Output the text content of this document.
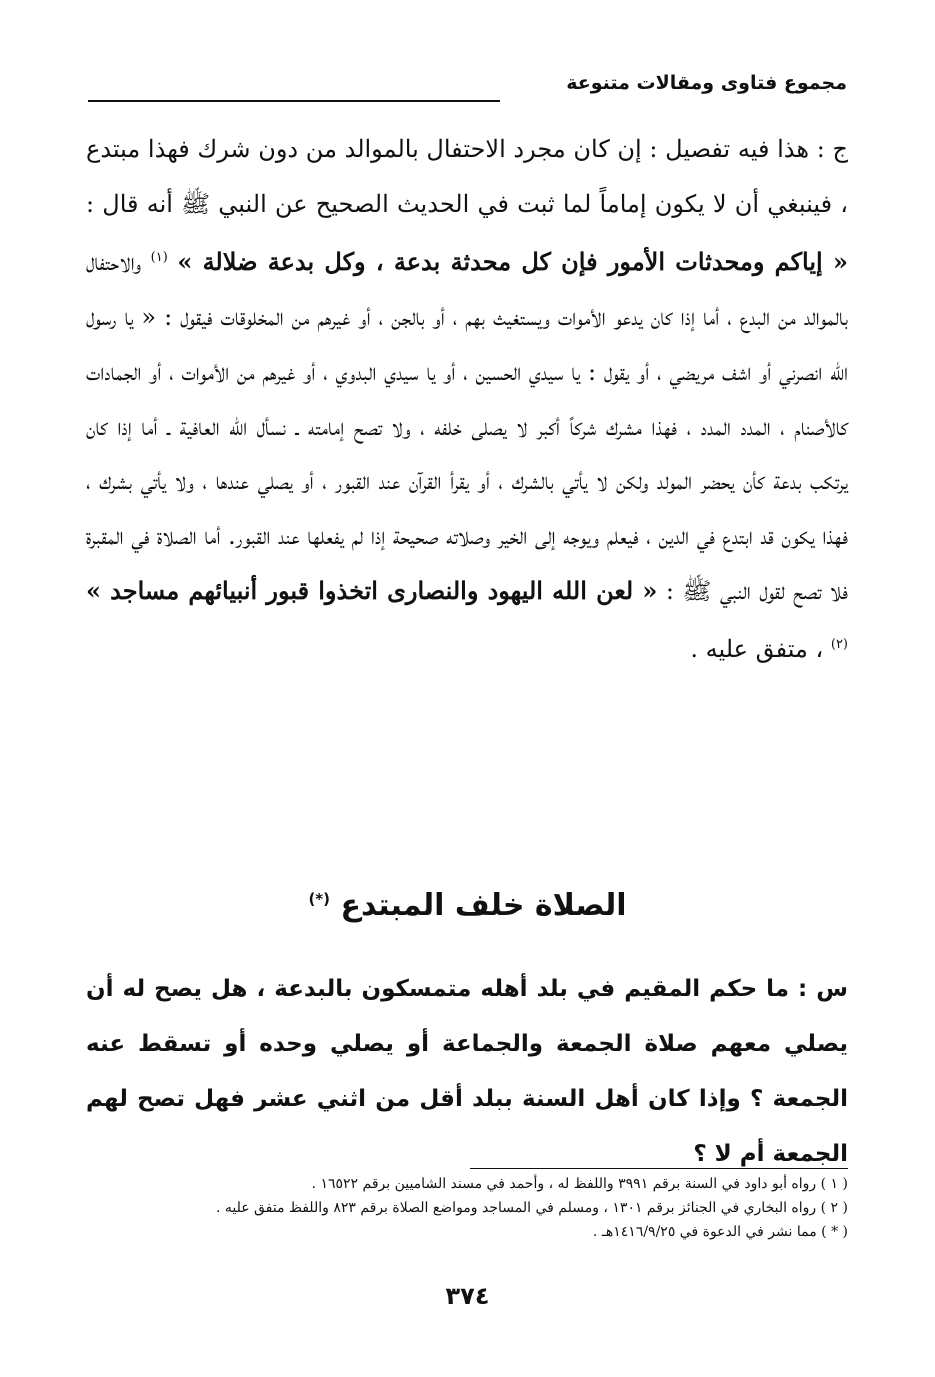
مجموع فتاوى ومقالات متنوعة

ج : هذا فيه تفصيل : إن كان مجرد الاحتفال بالموالد من دون شرك فهذا مبتدع ، فينبغي أن لا يكون إماماً لما ثبت في الحديث الصحيح عن النبي ﷺ أنه قال : « إياكم ومحدثات الأمور فإن كل محدثة بدعة ، وكل بدعة ضلالة » $^{(١)}$ والاحتفال بالموالد من البدع ، أما إذا كان يدعو الأموات ويستغيث بهم ، أو بالجن ، أو غيرهم من المخلوقات فيقول : « يا رسول الله انصرني أو اشف مريضي ، أو يقول : يا سيدي الحسين ، أو يا سيدي البدوي ، أو غيرهم من الأموات ، أو الجمادات كالأصنام ، المدد المدد ، فهذا مشرك شركاً أكبر لا يصلى خلفه ، ولا تصح إمامته ـ نسأل الله العافية ـ أما إذا كان يرتكب بدعة كأن يحضر المولد ولكن لا يأتي بالشرك ، أو يقرأ القرآن عند القبور ، أو يصلي عندها ، ولا يأتي بشرك ، فهذا يكون قد ابتدع في الدين ، فيعلم ويوجه إلى الخير وصلاته صحيحة إذا لم يفعلها عند القبور. أما الصلاة في المقبرة فلا تصح لقول النبي ﷺ : « لعن الله اليهود والنصارى اتخذوا قبور أنبيائهم مساجد » $^{(٢)}$ ، متفق عليه .

الصلاة خلف المبتدع (*)

س : ما حكم المقيم في بلد أهله متمسكون بالبدعة ، هل يصح له أن يصلي معهم صلاة الجمعة والجماعة أو يصلي وحده أو تسقط عنه الجمعة ؟ وإذا كان أهل السنة ببلد أقل من اثني عشر فهل تصح لهم الجمعة أم لا ؟

( ١ ) رواه أبو داود في السنة برقم ٣٩٩١ واللفظ له ، وأحمد في مسند الشاميين برقم ١٦٥٢٢ .
( ٢ ) رواه البخاري في الجنائز برقم ١٣٠١ ، ومسلم في المساجد ومواضع الصلاة برقم ٨٢٣ واللفظ متفق عليه .
( * ) مما نشر في الدعوة في ١٤١٦/٩/٢٥هـ .
٣٧٤
